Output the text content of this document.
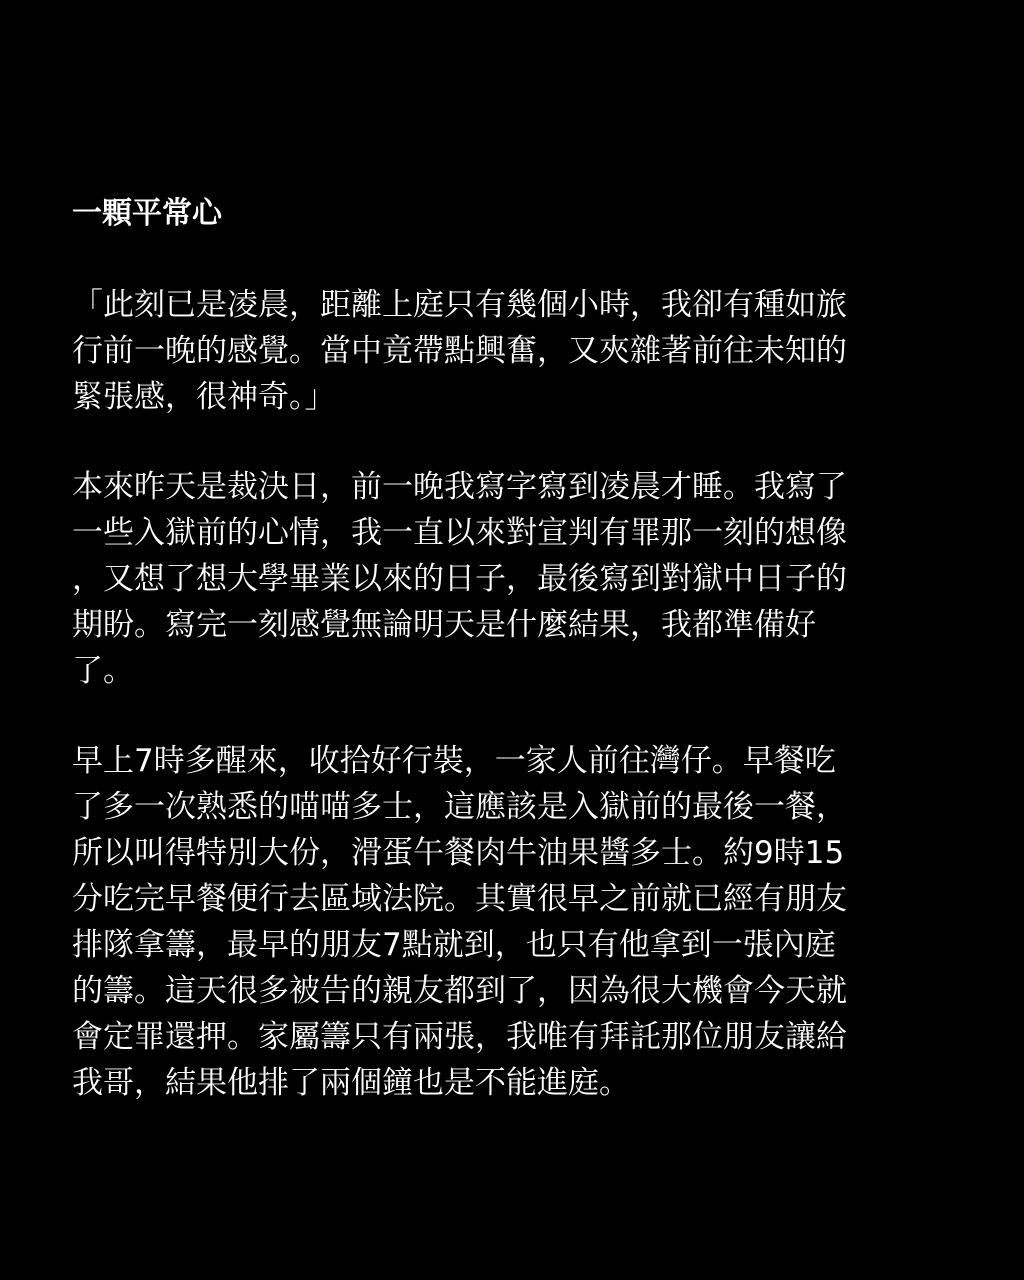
一顆平常心

「此刻已是凌晨，距離上庭只有幾個小時，我卻有種如旅
行前一晚的感覺。當中竟帶點興奮，又夾雜著前往未知的
緊張感，很神奇。」

本來昨天是裁決日，前一晚我寫字寫到凌晨才睡。我寫了
一些入獄前的心情，我一直以來對宣判有罪那一刻的想像
，又想了想大學畢業以來的日子，最後寫到對獄中日子的
期盼。寫完一刻感覺無論明天是什麼結果，我都準備好
了。

早上7時多醒來，收拾好行裝，一家人前往灣仔。早餐吃
了多一次熟悉的喵喵多士，這應該是入獄前的最後一餐，
所以叫得特別大份，滑蛋午餐肉牛油果醬多士。約9時15
分吃完早餐便行去區域法院。其實很早之前就已經有朋友
排隊拿籌，最早的朋友7點就到，也只有他拿到一張內庭
的籌。這天很多被告的親友都到了，因為很大機會今天就
會定罪還押。家屬籌只有兩張，我唯有拜託那位朋友讓給
我哥，結果他排了兩個鐘也是不能進庭。
